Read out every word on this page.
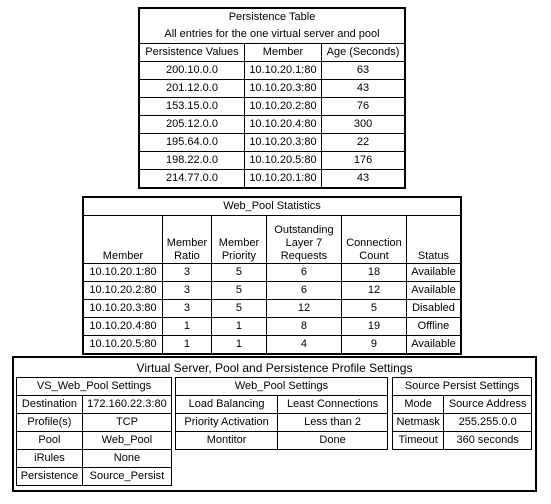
Persistence Table		
All entries for the one virtual server and pool		
Persistence Values	Member	Age (Seconds)
200.10.0.0	10.10.20.1:80	63
201.12.0.0	10.10.20.3:80	43
153.15.0.0	10.10.20.2:80	76
205.12.0.0	10.10.20.4:80	300
195.64.0.0	10.10.20.3:80	22
198.22.0.0	10.10.20.5:80	176
214.77.0.0	10.10.20.1:80	43
Web_Pool Statistics					
Member	Member Ratio	Member Priority	Outstanding Layer 7 Requests	Connection Count	Status
10.10.20.1:80	3	5	6	18	Available
10.10.20.2:80	3	5	6	12	Available
10.10.20.3:80	3	5	12	5	Disabled
10.10.20.4:80	1	1	8	19	Offline
10.10.20.5:80	1	1	4	9	Available
Virtual Server, Pool and Persistence Profile Settings
VS_Web_Pool Settings	
Destination	172.160.22.3:80
Profile(s)	TCP
Pool	Web_Pool
iRules	None
Persistence	Source_Persist
Web_Pool Settings	
Load Balancing	Least Connections
Priority Activation	Less than 2
Montitor	Done
Source Persist Settings	
Mode	Source Address
Netmask	255.255.0.0
Timeout	360 seconds
